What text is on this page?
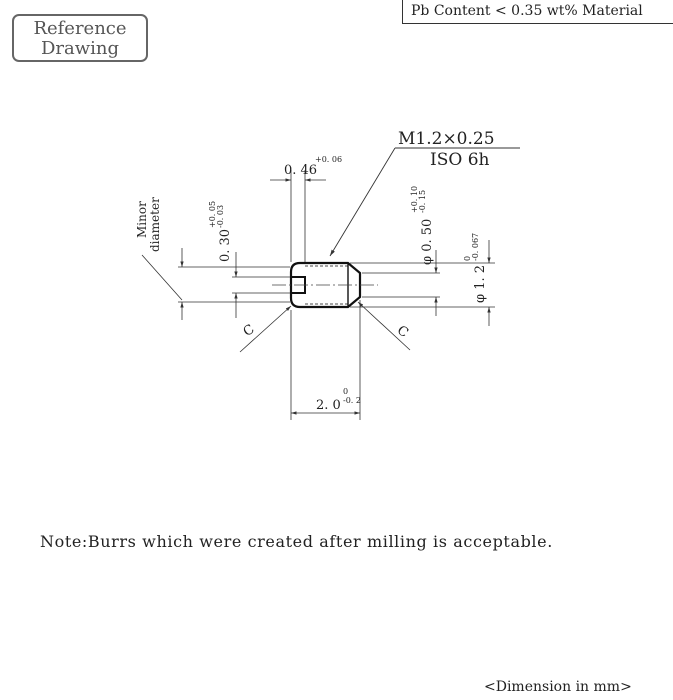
Reference
Drawing
Pb Content < 0.35 wt% Material
M1.2×0.25
ISO 6h
0. 46
+0. 06
Minor diameter	0. 30
+0. 05 -0. 03
φ 0. 50
+0. 10 -0. 15
φ 1. 2
0 -0. 067
C	C
2. 0
0
-0. 2
Note:Burrs which were created after milling is acceptable.
<Dimension in mm>
